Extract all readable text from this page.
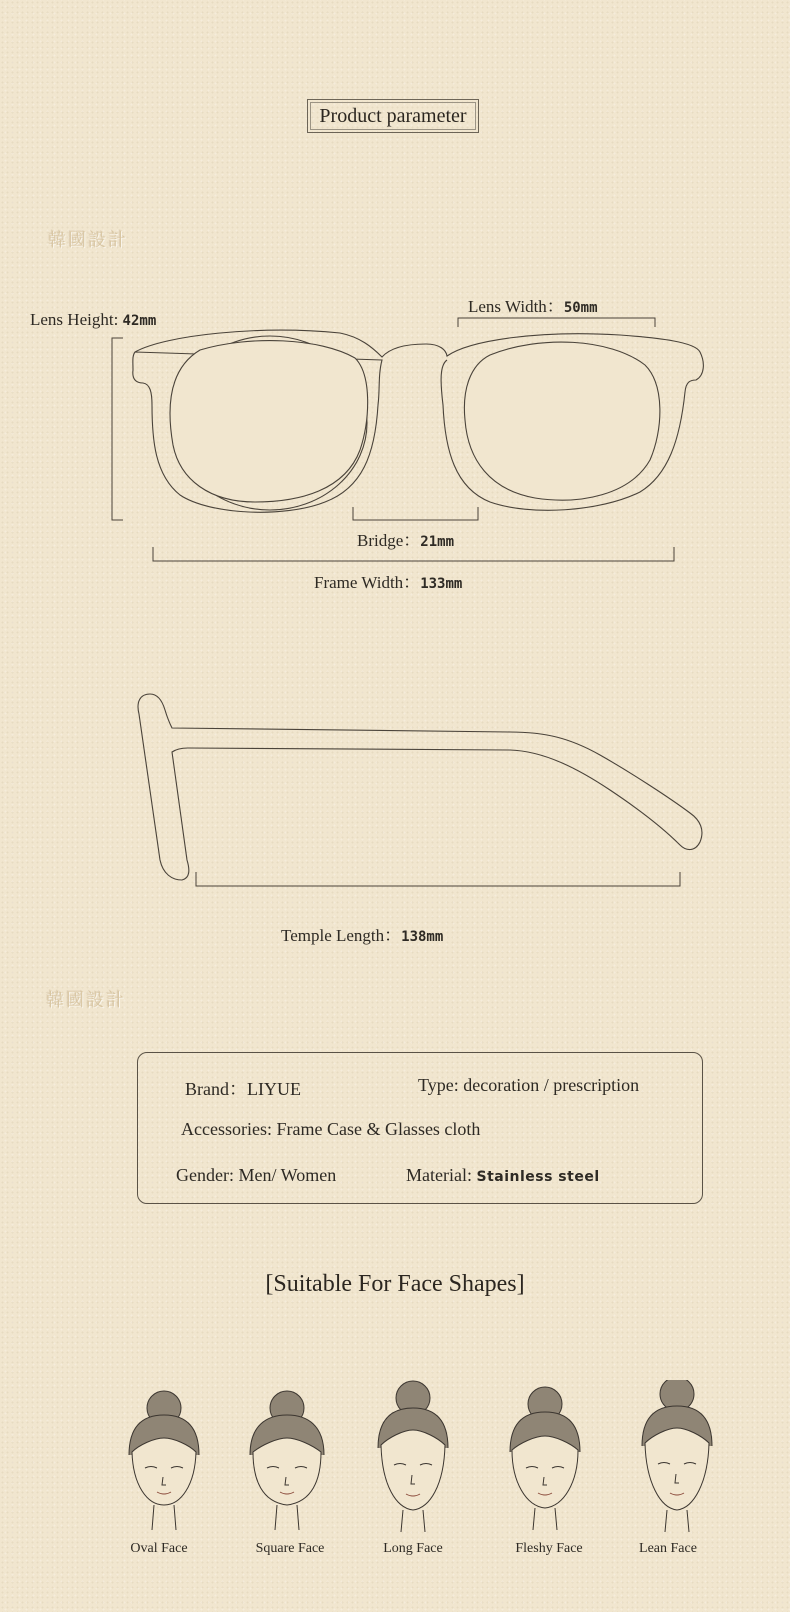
Product parameter
韓國設計
Lens Height: 42mm
Lens Width：50mm
Bridge：21mm
Frame Width：133mm
Temple Length：138mm
韓國設計
Brand：LIYUE	Type: decoration / prescription
Accessories: Frame Case & Glasses cloth
Gender: Men/ Women	Material: Stainless steel
[Suitable For Face Shapes]
Oval Face	Square Face	Long Face	Fleshy Face	Lean Face
